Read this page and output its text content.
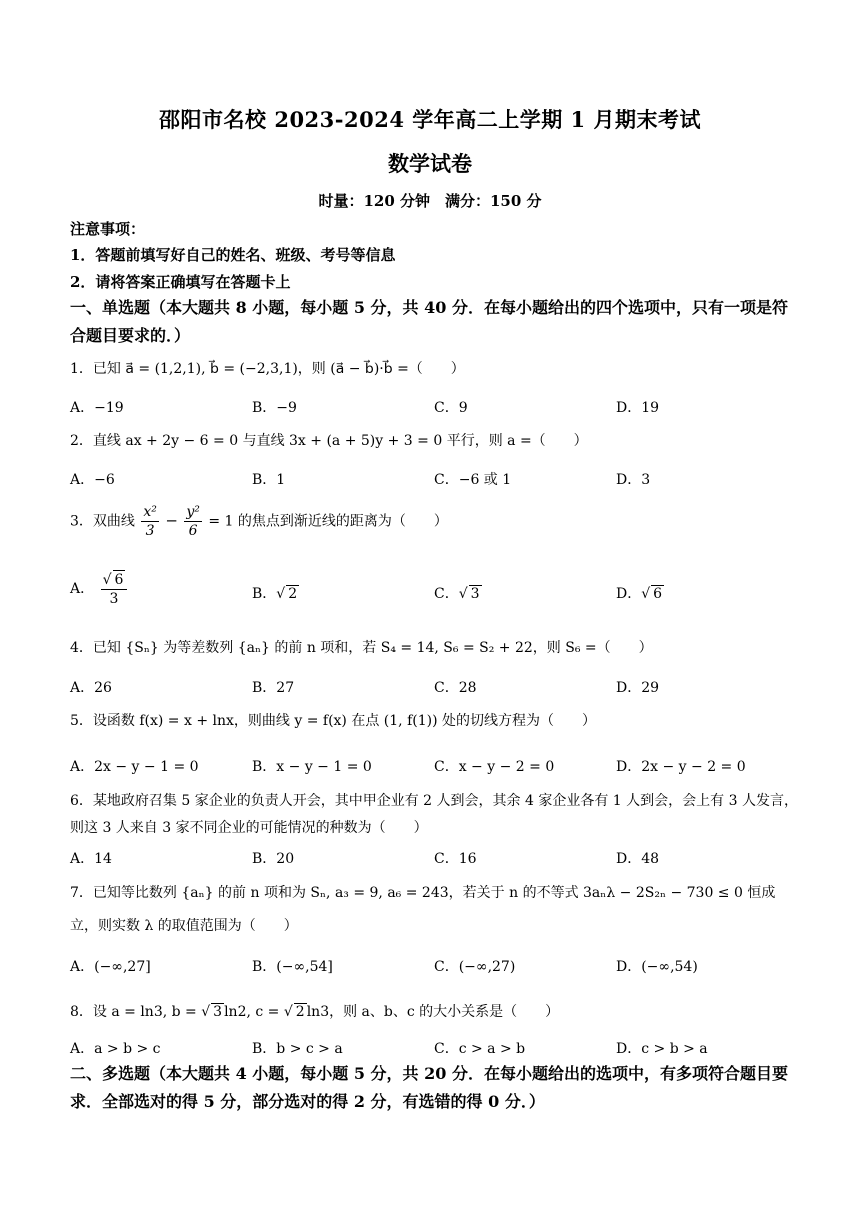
邵阳市名校 2023-2024 学年高二上学期 1 月期末考试
数学试卷
时量：120 分钟　满分：150 分
注意事项：
1．答题前填写好自己的姓名、班级、考号等信息
2．请将答案正确填写在答题卡上
一、单选题（本大题共 8 小题，每小题 5 分，共 40 分．在每小题给出的四个选项中，只有一项是符合题目要求的．）
1．已知 a⃗ = (1,2,1), b⃗ = (−2,3,1)，则 (a⃗ − b⃗)·b⃗ =（　　）
A．−19	B．−9	C．9	D．19
2．直线 ax + 2y − 6 = 0 与直线 3x + (a + 5)y + 3 = 0 平行，则 a =（　　）
A．−6	B．1	C．−6 或 1	D．3
3．双曲线 $\frac{\text{x²}}{3} - \frac{\text{y²}}{6} = 1$ 的焦点到渐近线的距离为（　　）
A． $\frac{√ 6}{3}$	B．√ 2	C．√ 3	D．√ 6
4．已知 {Sₙ} 为等差数列 {aₙ} 的前 n 项和，若 S₄ = 14, S₆ = S₂ + 22，则 S₆ =（　　）
A．26	B．27	C．28	D．29
5．设函数 f(x) = x + lnx，则曲线 y = f(x) 在点 (1, f(1)) 处的切线方程为（　　）
A．2x − y − 1 = 0	B．x − y − 1 = 0	C．x − y − 2 = 0	D．2x − y − 2 = 0
6．某地政府召集 5 家企业的负责人开会，其中甲企业有 2 人到会，其余 4 家企业各有 1 人到会，会上有 3 人发言，则这 3 人来自 3 家不同企业的可能情况的种数为（　　）
A．14	B．20	C．16	D．48
7．已知等比数列 {aₙ} 的前 n 项和为 Sₙ, a₃ = 9, a₆ = 243，若关于 n 的不等式 3aₙλ − 2S₂ₙ − 730 ≤ 0 恒成立，则实数 λ 的取值范围为（　　）
A．(−∞,27]	B．(−∞,54]	C．(−∞,27)	D．(−∞,54)
8．设 a = ln3, b = √ 3 ln2, c = √ 2 ln3，则 a、b、c 的大小关系是（　　）
A．a > b > c	B．b > c > a	C．c > a > b	D．c > b > a
二、多选题（本大题共 4 小题，每小题 5 分，共 20 分．在每小题给出的选项中，有多项符合题目要求．全部选对的得 5 分，部分选对的得 2 分，有选错的得 0 分．）
